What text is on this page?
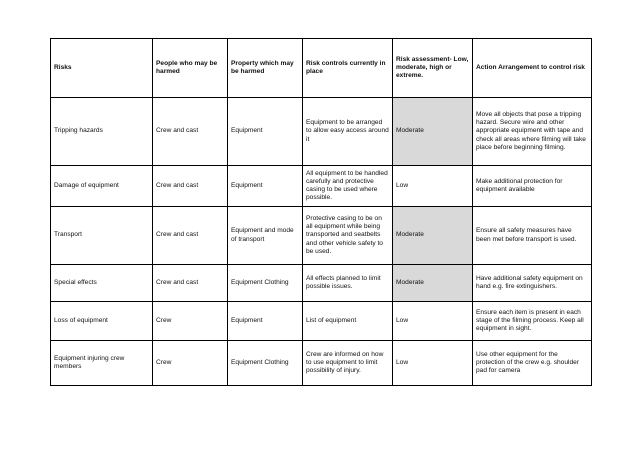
Risks	People who may be harmed	Property which may be harmed	Risk controls currently in place	Risk assessment- Low, moderate, high or extreme.	Action Arrangement to control risk
Tripping hazards	Crew and cast	Equipment	Equipment to be arranged to allow easy access around it	Moderate	Move all objects that pose a tripping hazard. Secure wire and other appropriate equipment with tape and check all areas where filming will take place before beginning filming.
Damage of equipment	Crew and cast	Equipment	All equipment to be handled carefully and protective casing to be used where possible.	Low	Make additional protection for equipment available
Transport	Crew and cast	Equipment and mode of transport	Protective casing to be on all equipment while being transported and seatbelts and other vehicle safety to be used.	Moderate	Ensure all safety measures have been met before transport is used.
Special effects	Crew and cast	Equipment Clothing	All effects planned to limit possible issues.	Moderate	Have additional safety equipment on hand e.g. fire extinguishers.
Loss of equipment	Crew	Equipment	List of equipment	Low	Ensure each item is present in each stage of the filming process. Keep all equipment in sight.
Equipment injuring crew members	Crew	Equipment Clothing	Crew are informed on how to use equipment to limit possibility of injury.	Low	Use other equipment for the protection of the crew e.g. shoulder pad for camera
